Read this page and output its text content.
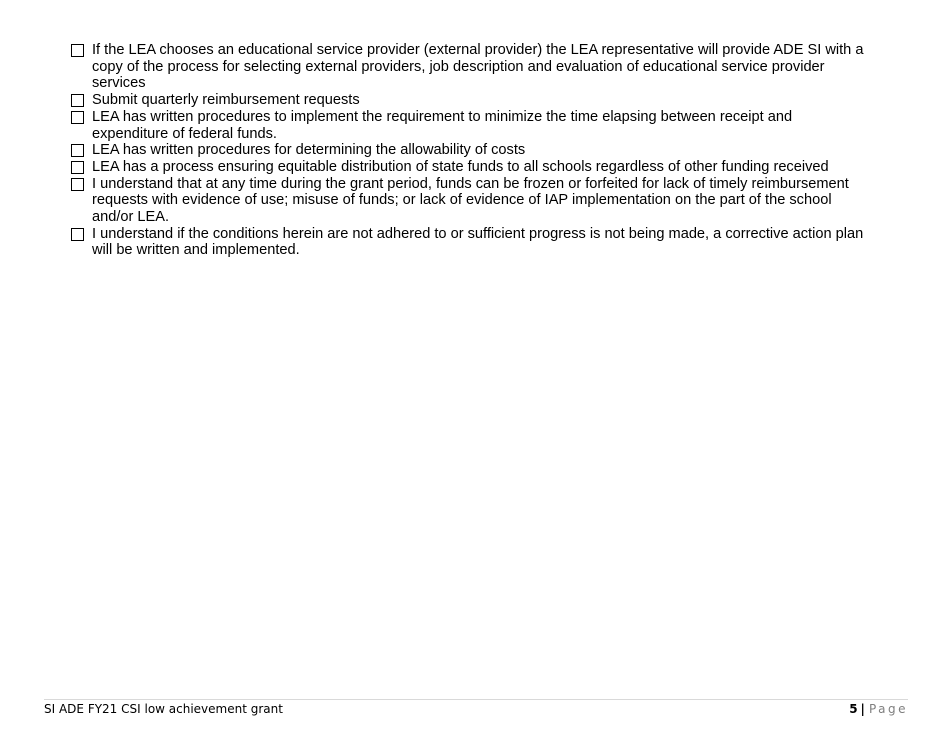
If the LEA chooses an educational service provider (external provider) the LEA representative will provide ADE SI with a copy of the process for selecting external providers, job description and evaluation of educational service provider services
Submit quarterly reimbursement requests
LEA has written procedures to implement the requirement to minimize the time elapsing between receipt and expenditure of federal funds.
LEA has written procedures for determining the allowability of costs
LEA has a process ensuring equitable distribution of state funds to all schools regardless of other funding received
I understand that at any time during the grant period, funds can be frozen or forfeited for lack of timely reimbursement requests with evidence of use; misuse of funds; or lack of evidence of IAP implementation on the part of the school and/or LEA.
I understand if the conditions herein are not adhered to or sufficient progress is not being made, a corrective action plan will be written and implemented.
SI ADE FY21 CSI low achievement grant	5 | Page
